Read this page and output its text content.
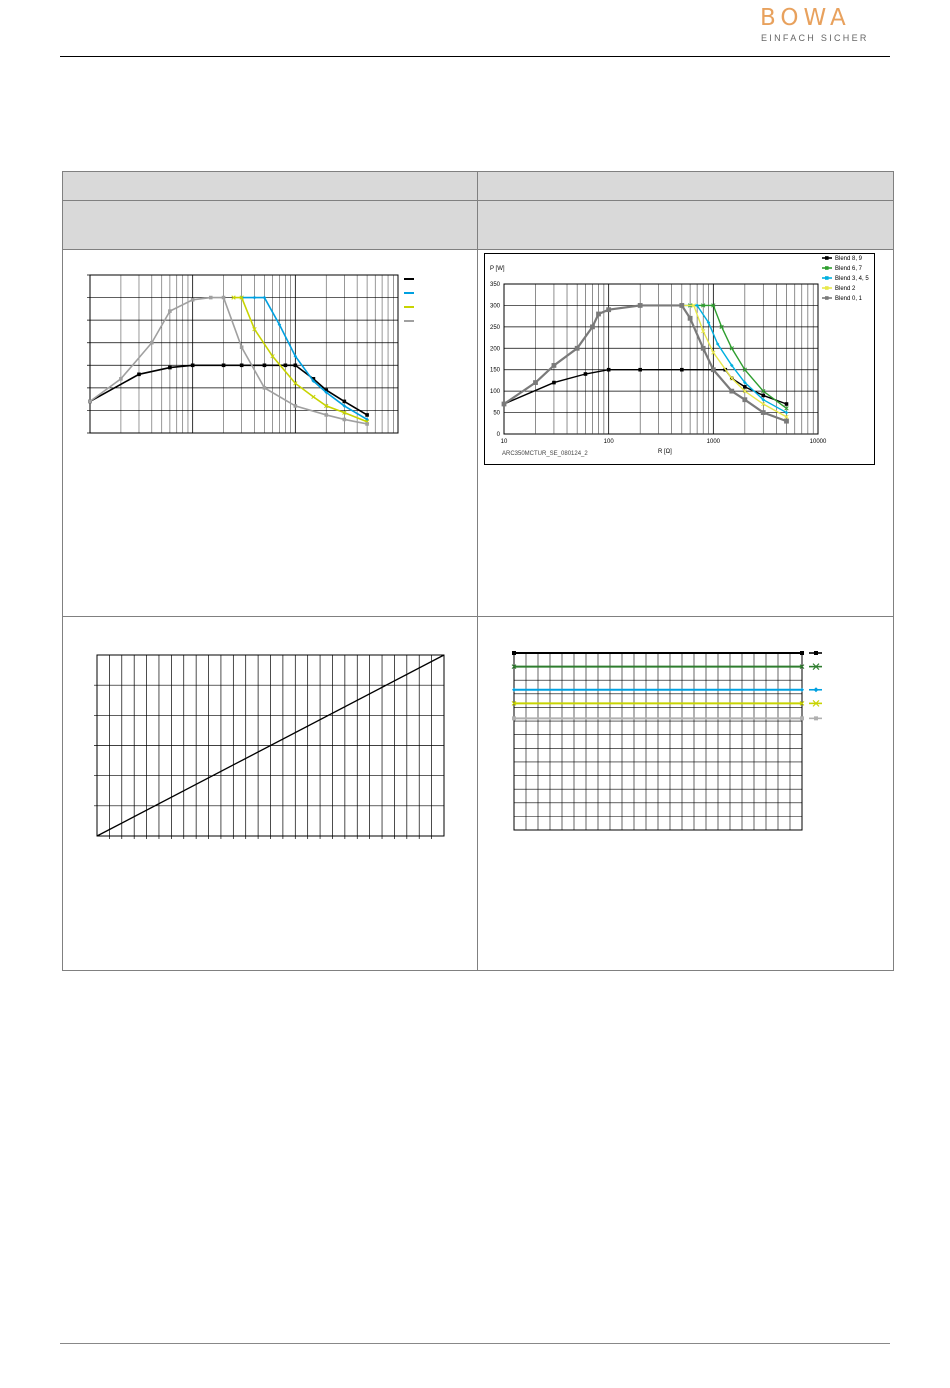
BOWA
EINFACH SICHER
P [W]
R [Ω]
ARC350MCTUR_SE_080124_2
0
50
100
150
200
250
300
350
10	100	1000	10000
Blend 8, 9
Blend 6, 7
Blend 3, 4, 5
Blend 2
Blend 0, 1
